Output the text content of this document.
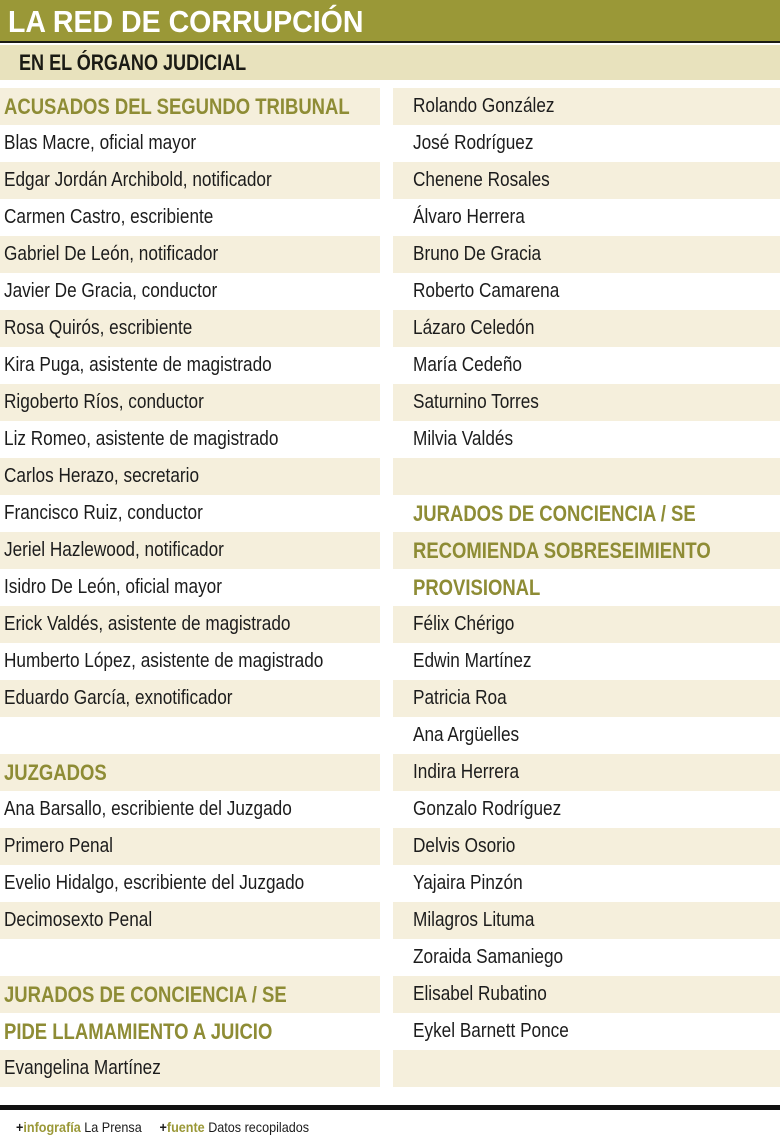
LA RED DE CORRUPCIÓN
EN EL ÓRGANO JUDICIAL
ACUSADOS DEL SEGUNDO TRIBUNAL
Blas Macre, oficial mayor
Edgar Jordán Archibold, notificador
Carmen Castro, escribiente
Gabriel De León, notificador
Javier De Gracia, conductor
Rosa Quirós, escribiente
Kira Puga, asistente de magistrado
Rigoberto Ríos, conductor
Liz Romeo, asistente de magistrado
Carlos Herazo, secretario
Francisco Ruiz, conductor
Jeriel Hazlewood, notificador
Isidro De León, oficial mayor
Erick Valdés, asistente de magistrado
Humberto López, asistente de magistrado
Eduardo García, exnotificador
JUZGADOS
Ana Barsallo, escribiente del Juzgado
Primero Penal
Evelio Hidalgo, escribiente del Juzgado
Decimosexto Penal
JURADOS DE CONCIENCIA / SE
PIDE LLAMAMIENTO A JUICIO
Evangelina Martínez
Rolando González
José Rodríguez
Chenene Rosales
Álvaro Herrera
Bruno De Gracia
Roberto Camarena
Lázaro Celedón
María Cedeño
Saturnino Torres
Milvia Valdés
JURADOS DE CONCIENCIA / SE
RECOMIENDA SOBRESEIMIENTO
PROVISIONAL
Félix Chérigo
Edwin Martínez
Patricia Roa
Ana Argüelles
Indira Herrera
Gonzalo Rodríguez
Delvis Osorio
Yajaira Pinzón
Milagros Lituma
Zoraida Samaniego
Elisabel Rubatino
Eykel Barnett Ponce
+infografía La Prensa +fuente Datos recopilados
